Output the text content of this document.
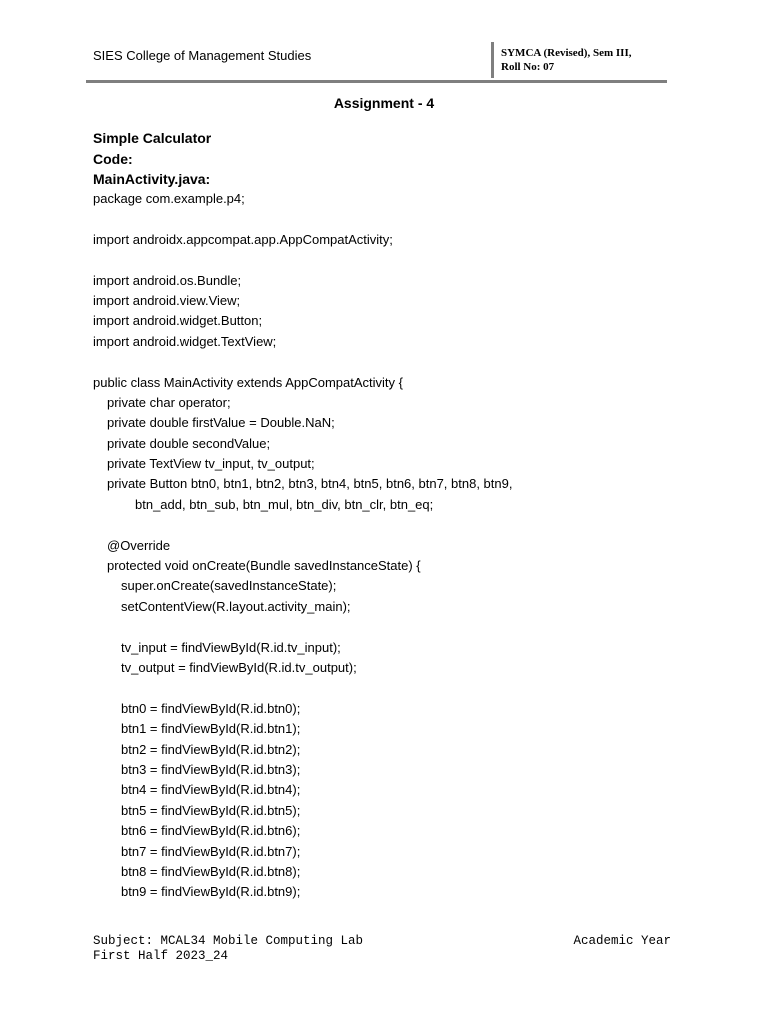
SIES College of Management Studies	SYMCA (Revised), Sem III,
Roll No: 07
Assignment - 4
Simple Calculator
Code:
MainActivity.java:
package com.example.p4;
import androidx.appcompat.app.AppCompatActivity;
import android.os.Bundle;
import android.view.View;
import android.widget.Button;
import android.widget.TextView;
public class MainActivity extends AppCompatActivity {
private char operator;
private double firstValue = Double.NaN;
private double secondValue;
private TextView tv_input, tv_output;
private Button btn0, btn1, btn2, btn3, btn4, btn5, btn6, btn7, btn8, btn9,
btn_add, btn_sub, btn_mul, btn_div, btn_clr, btn_eq;
@Override
protected void onCreate(Bundle savedInstanceState) {
super.onCreate(savedInstanceState);
setContentView(R.layout.activity_main);
tv_input = findViewById(R.id.tv_input);
tv_output = findViewById(R.id.tv_output);
btn0 = findViewById(R.id.btn0);
btn1 = findViewById(R.id.btn1);
btn2 = findViewById(R.id.btn2);
btn3 = findViewById(R.id.btn3);
btn4 = findViewById(R.id.btn4);
btn5 = findViewById(R.id.btn5);
btn6 = findViewById(R.id.btn6);
btn7 = findViewById(R.id.btn7);
btn8 = findViewById(R.id.btn8);
btn9 = findViewById(R.id.btn9);
Subject: MCAL34 Mobile Computing Lab	Academic Year
First Half 2023_24
